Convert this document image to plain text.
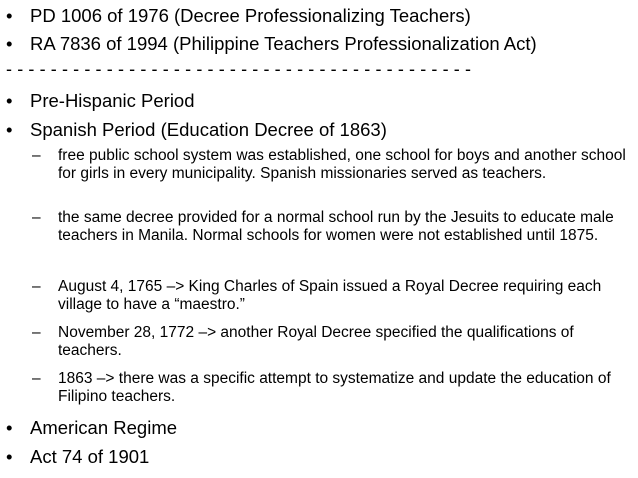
• PD 1006 of 1976 (Decree Professionalizing Teachers)
• RA 7836 of 1994 (Philippine Teachers Professionalization Act)
- - - - - - - - - - - - - - - - - - - - - - - - - - - - - - - - - - - - - - - - - -
• Pre-Hispanic Period
• Spanish Period (Education Decree of 1863)
–	free public school system was established, one school for boys and another school for girls in every municipality. Spanish missionaries served as teachers.
–	the same decree provided for a normal school run by the Jesuits to educate male teachers in Manila. Normal schools for women were not established until 1875.
–	August 4, 1765 –> King Charles of Spain issued a Royal Decree requiring each village to have a “maestro.”
–	November 28, 1772 –> another Royal Decree specified the qualifications of teachers.
–	1863 –> there was a specific attempt to systematize and update the education of Filipino teachers.
• American Regime
• Act 74 of 1901
